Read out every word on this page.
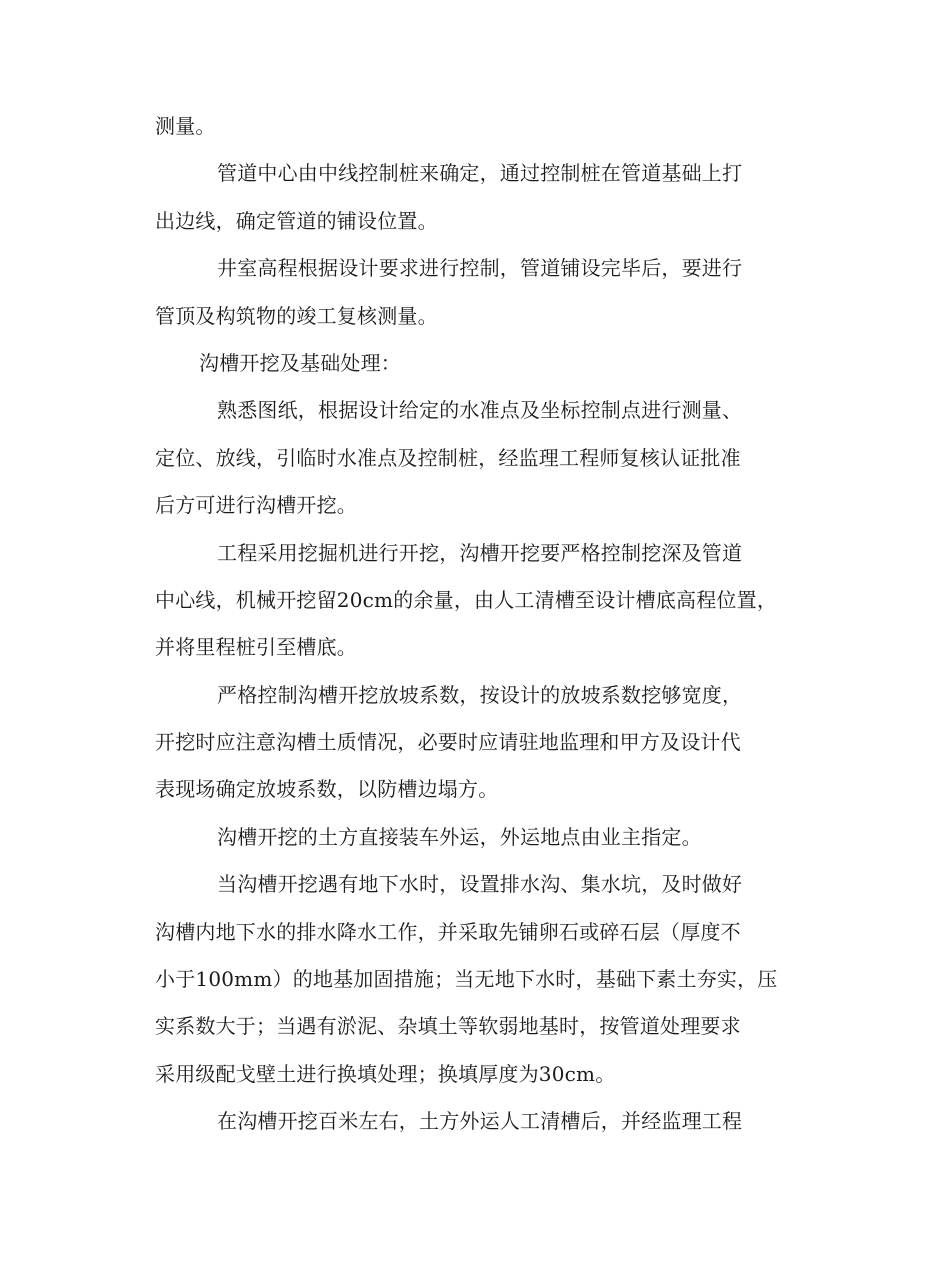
测量。
管道中心由中线控制桩来确定，通过控制桩在管道基础上打
出边线，确定管道的铺设位置。
井室高程根据设计要求进行控制，管道铺设完毕后，要进行
管顶及构筑物的竣工复核测量。
沟槽开挖及基础处理：
熟悉图纸，根据设计给定的水准点及坐标控制点进行测量、
定位、放线，引临时水准点及控制桩，经监理工程师复核认证批准
后方可进行沟槽开挖。
工程采用挖掘机进行开挖，沟槽开挖要严格控制挖深及管道
中心线，机械开挖留20cm的余量，由人工清槽至设计槽底高程位置，
并将里程桩引至槽底。
严格控制沟槽开挖放坡系数，按设计的放坡系数挖够宽度，
开挖时应注意沟槽土质情况，必要时应请驻地监理和甲方及设计代
表现场确定放坡系数，以防槽边塌方。
沟槽开挖的土方直接装车外运，外运地点由业主指定。
当沟槽开挖遇有地下水时，设置排水沟、集水坑，及时做好
沟槽内地下水的排水降水工作，并采取先铺卵石或碎石层（厚度不
小于100mm）的地基加固措施；当无地下水时，基础下素土夯实，压
实系数大于；当遇有淤泥、杂填土等软弱地基时，按管道处理要求
采用级配戈壁土进行换填处理；换填厚度为30cm。
在沟槽开挖百米左右，土方外运人工清槽后，并经监理工程
